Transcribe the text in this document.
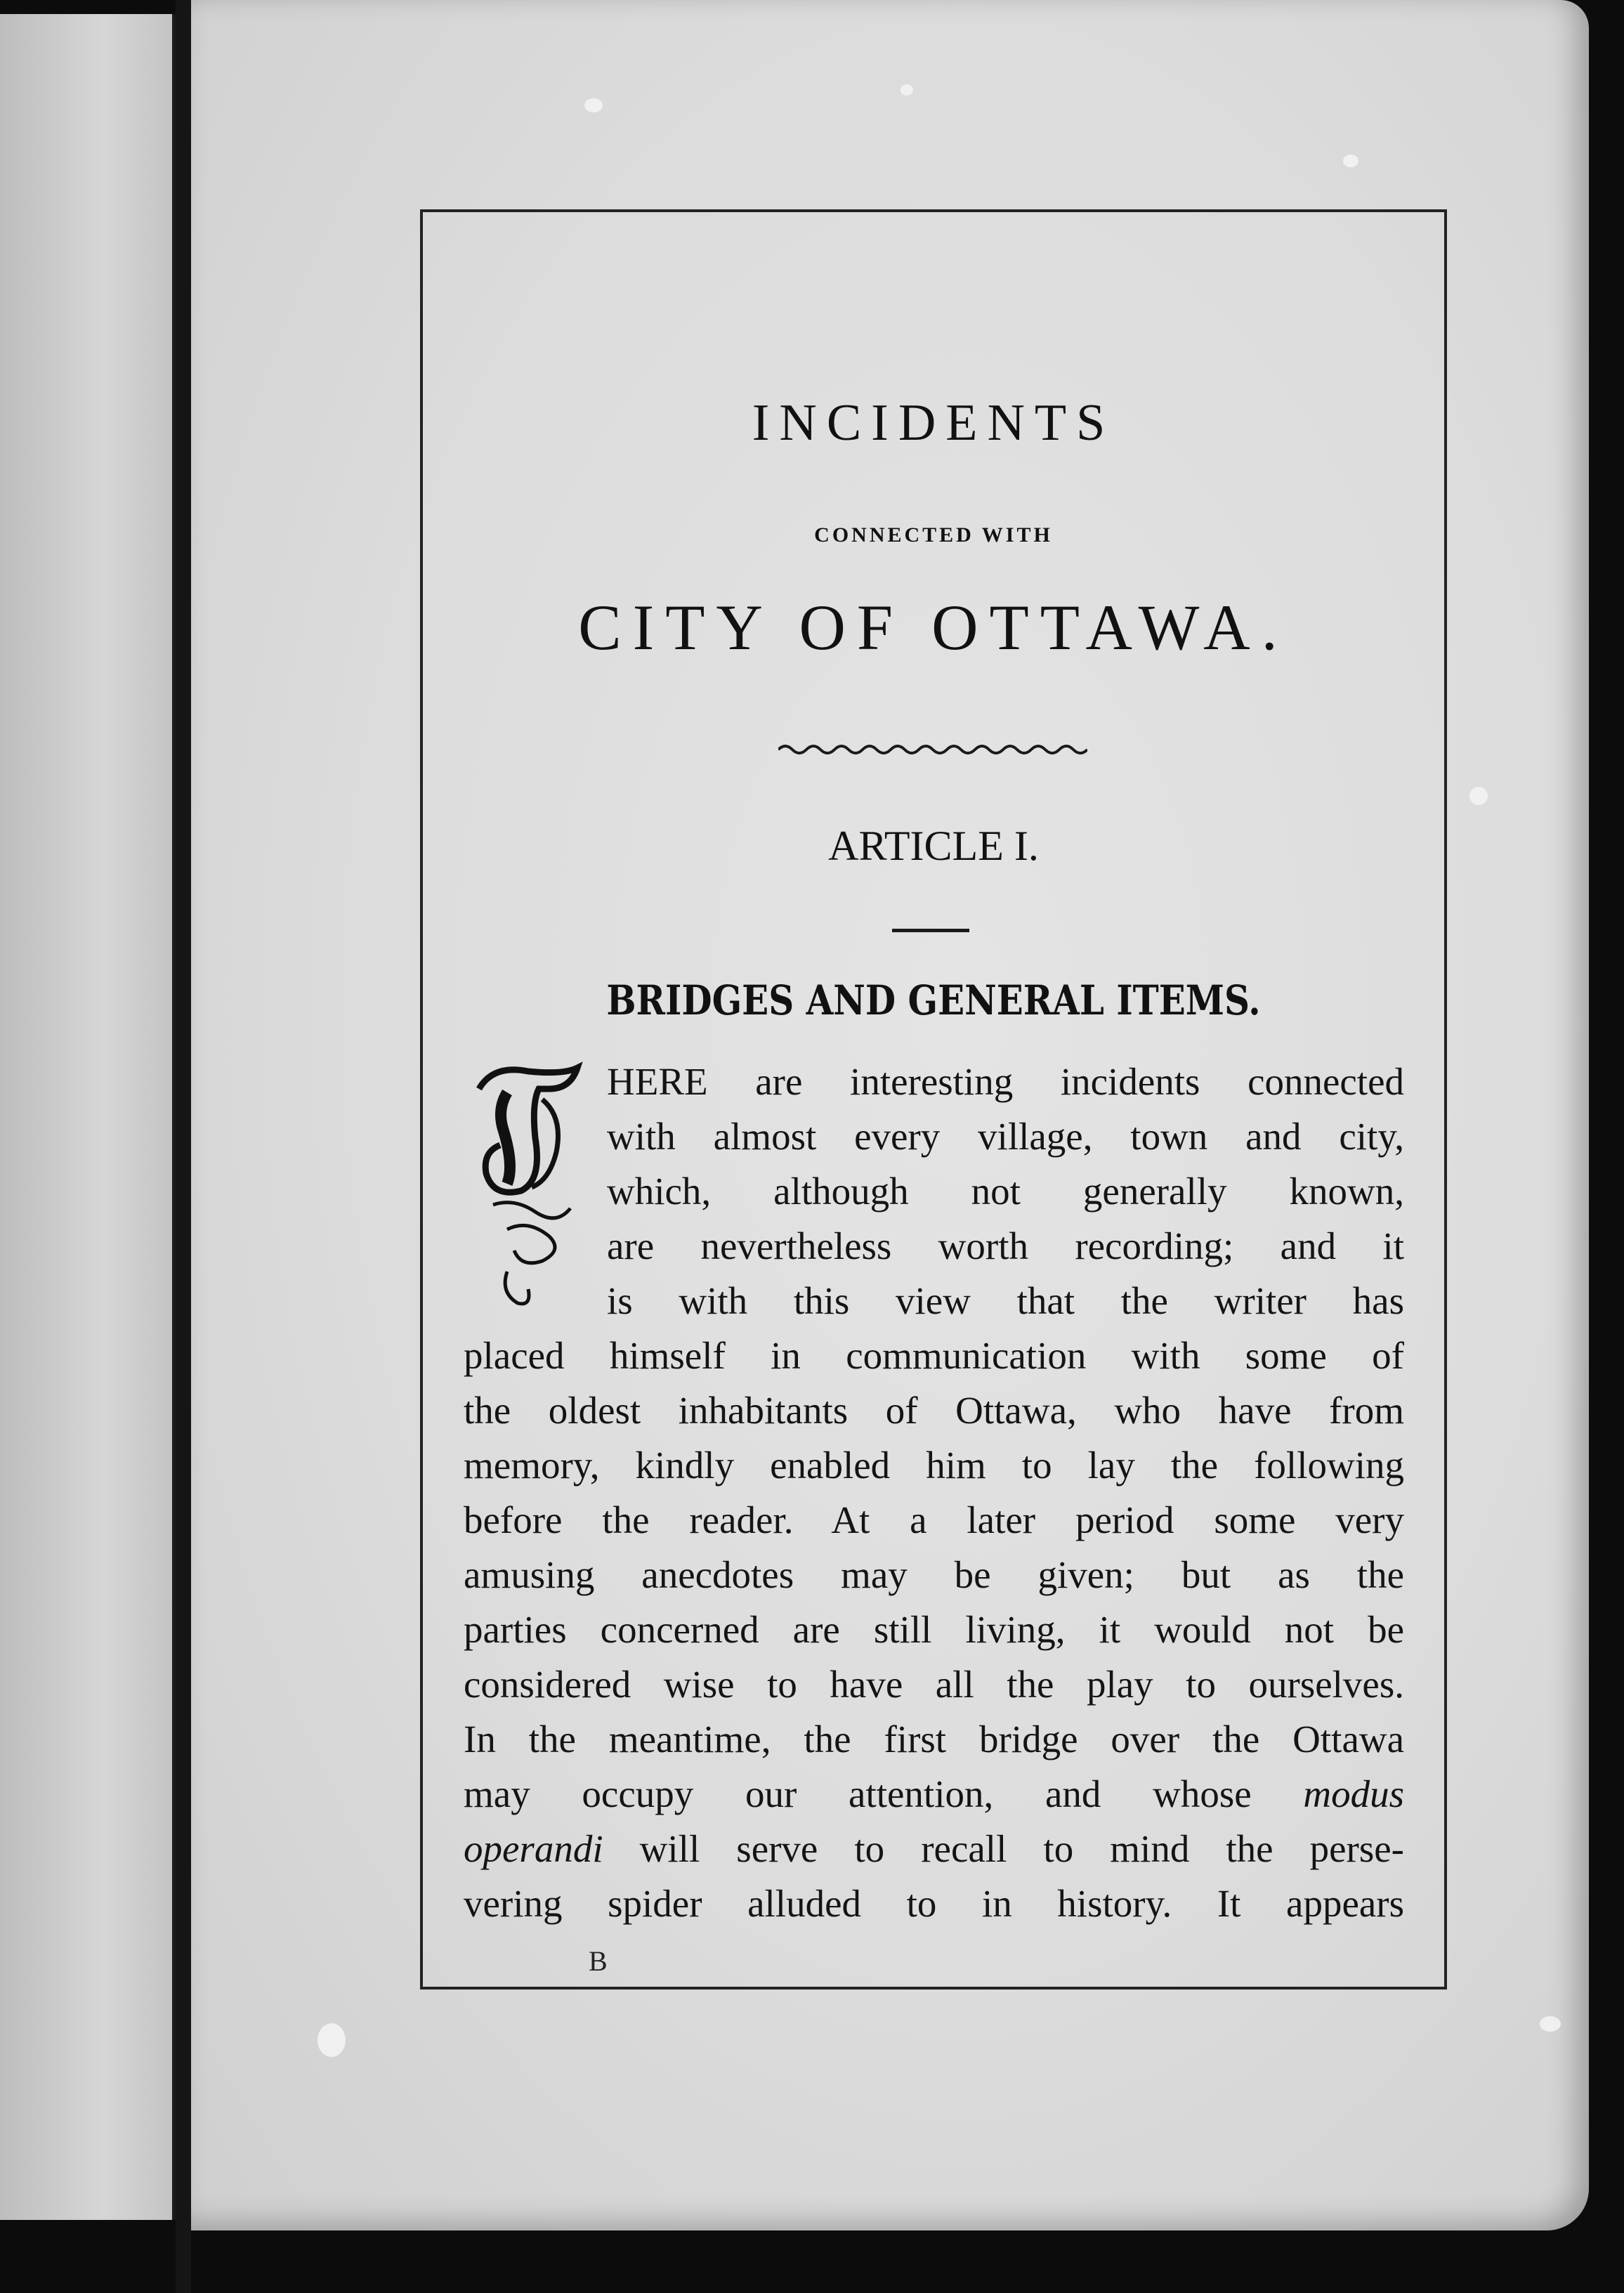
INCIDENTS
CONNECTED WITH
CITY OF OTTAWA.
ARTICLE I.
BRIDGES AND GENERAL ITEMS.
HERE are interesting incidents connected
with almost every village, town and city,
which, although not generally known,
are nevertheless worth recording; and it
is with this view that the writer has
placed himself in communication with some of
the oldest inhabitants of Ottawa, who have from
memory, kindly enabled him to lay the following
before the reader. At a later period some very
amusing anecdotes may be given; but as the
parties concerned are still living, it would not be
considered wise to have all the play to ourselves.
In the meantime, the first bridge over the Ottawa
may occupy our attention, and whose modus
operandi will serve to recall to mind the perse-
vering spider alluded to in history. It appears
B
